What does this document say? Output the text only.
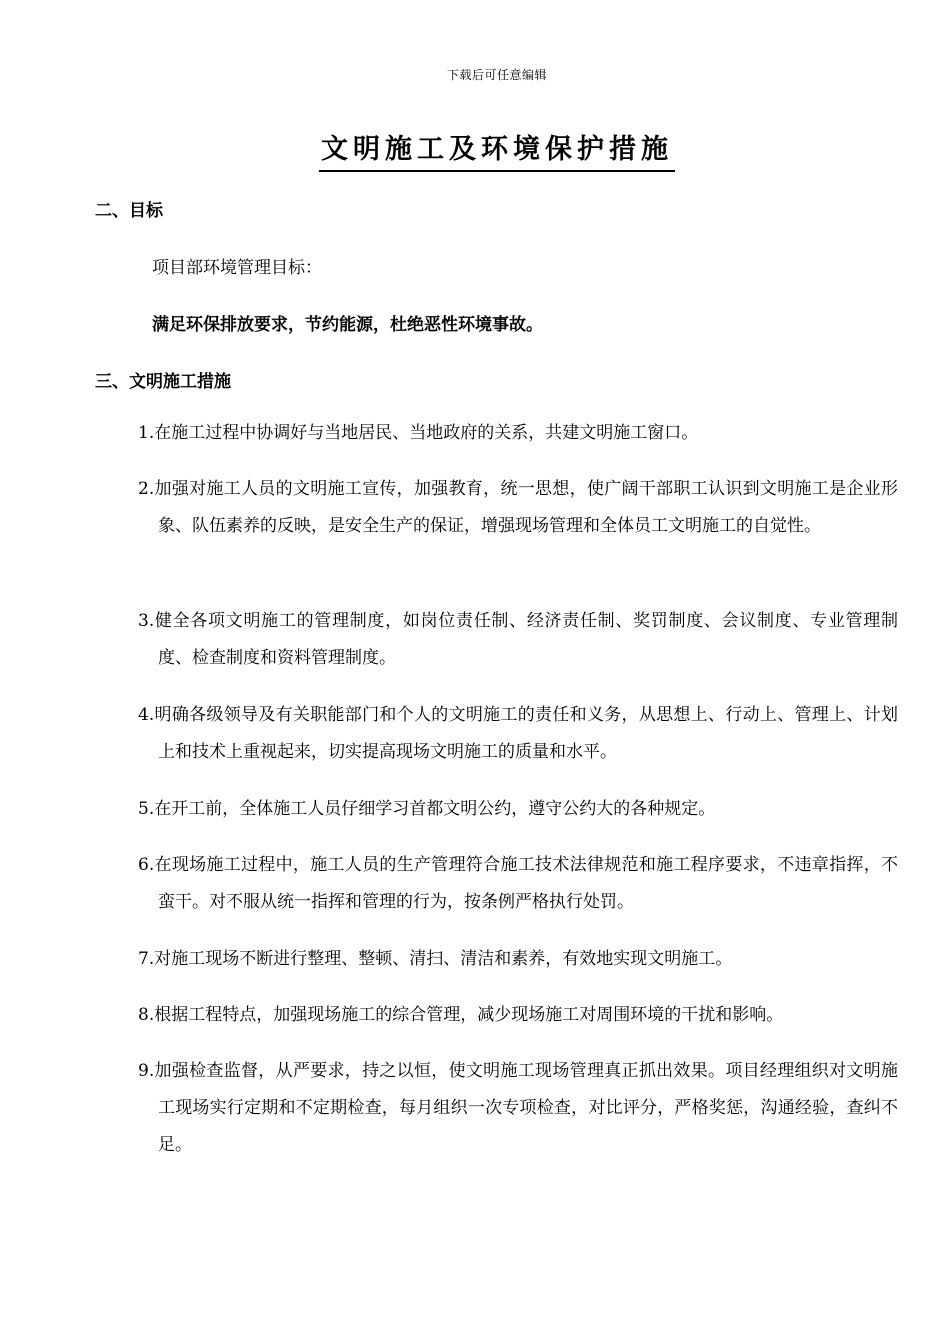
下载后可任意编辑
文明施工及环境保护措施
二、目标

项目部环境管理目标：

满足环保排放要求，节约能源，杜绝恶性环境事故。

三、文明施工措施
1.在施工过程中协调好与当地居民、当地政府的关系，共建文明施工窗口。
2.加强对施工人员的文明施工宣传，加强教育，统一思想，使广阔干部职工认识到文明施工是企业形象、队伍素养的反映，是安全生产的保证，增强现场管理和全体员工文明施工的自觉性。
3.健全各项文明施工的管理制度，如岗位责任制、经济责任制、奖罚制度、会议制度、专业管理制度、检查制度和资料管理制度。
4.明确各级领导及有关职能部门和个人的文明施工的责任和义务，从思想上、行动上、管理上、计划上和技术上重视起来，切实提高现场文明施工的质量和水平。
5.在开工前，全体施工人员仔细学习首都文明公约，遵守公约大的各种规定。
6.在现场施工过程中，施工人员的生产管理符合施工技术法律规范和施工程序要求，不违章指挥，不蛮干。对不服从统一指挥和管理的行为，按条例严格执行处罚。
7.对施工现场不断进行整理、整顿、清扫、清洁和素养，有效地实现文明施工。
8.根据工程特点，加强现场施工的综合管理，减少现场施工对周围环境的干扰和影响。
9.加强检查监督，从严要求，持之以恒，使文明施工现场管理真正抓出效果。项目经理组织对文明施工现场实行定期和不定期检查，每月组织一次专项检查，对比评分，严格奖惩，沟通经验，查纠不足。
